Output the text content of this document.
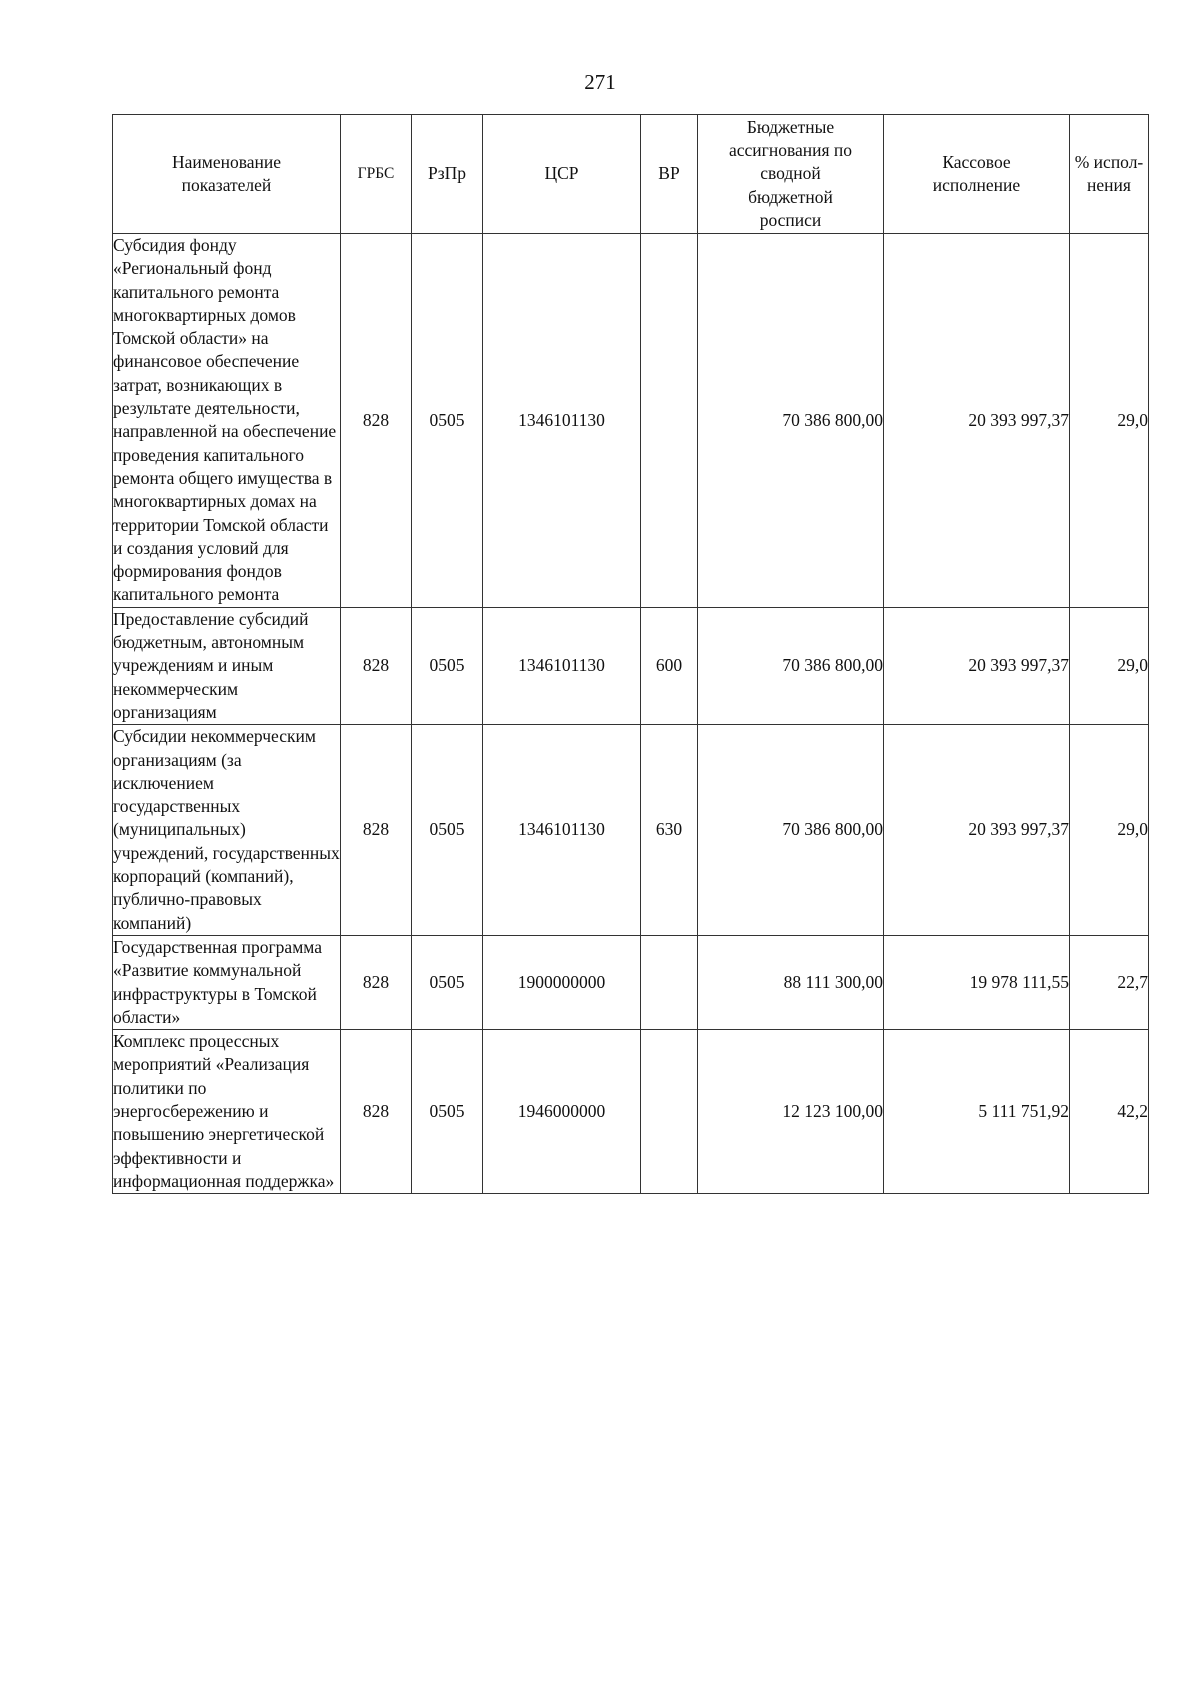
271
Наименование показателей	ГРБС	РзПр	ЦСР	ВР	Бюджетные ассигнования по сводной бюджетной росписи	Кассовое исполнение	% испол-нения
Субсидия фонду «Региональный фонд капитального ремонта многоквартирных домов Томской области» на финансовое обеспечение затрат, возникающих в результате деятельности, направленной на обеспечение проведения капитального ремонта общего имущества в многоквартирных домах на территории Томской области и создания условий для формирования фондов капитального ремонта	828	0505	1346101130		70 386 800,00	20 393 997,37	29,0
Предоставление субсидий бюджетным, автономным учреждениям и иным некоммерческим организациям	828	0505	1346101130	600	70 386 800,00	20 393 997,37	29,0
Субсидии некоммерческим организациям (за исключением государственных (муниципальных) учреждений, государственных корпораций (компаний), публично-правовых компаний)	828	0505	1346101130	630	70 386 800,00	20 393 997,37	29,0
Государственная программа «Развитие коммунальной инфраструктуры в Томской области»	828	0505	1900000000		88 111 300,00	19 978 111,55	22,7
Комплекс процессных мероприятий «Реализация политики по энергосбережению и повышению энергетической эффективности и информационная поддержка»	828	0505	1946000000		12 123 100,00	5 111 751,92	42,2
